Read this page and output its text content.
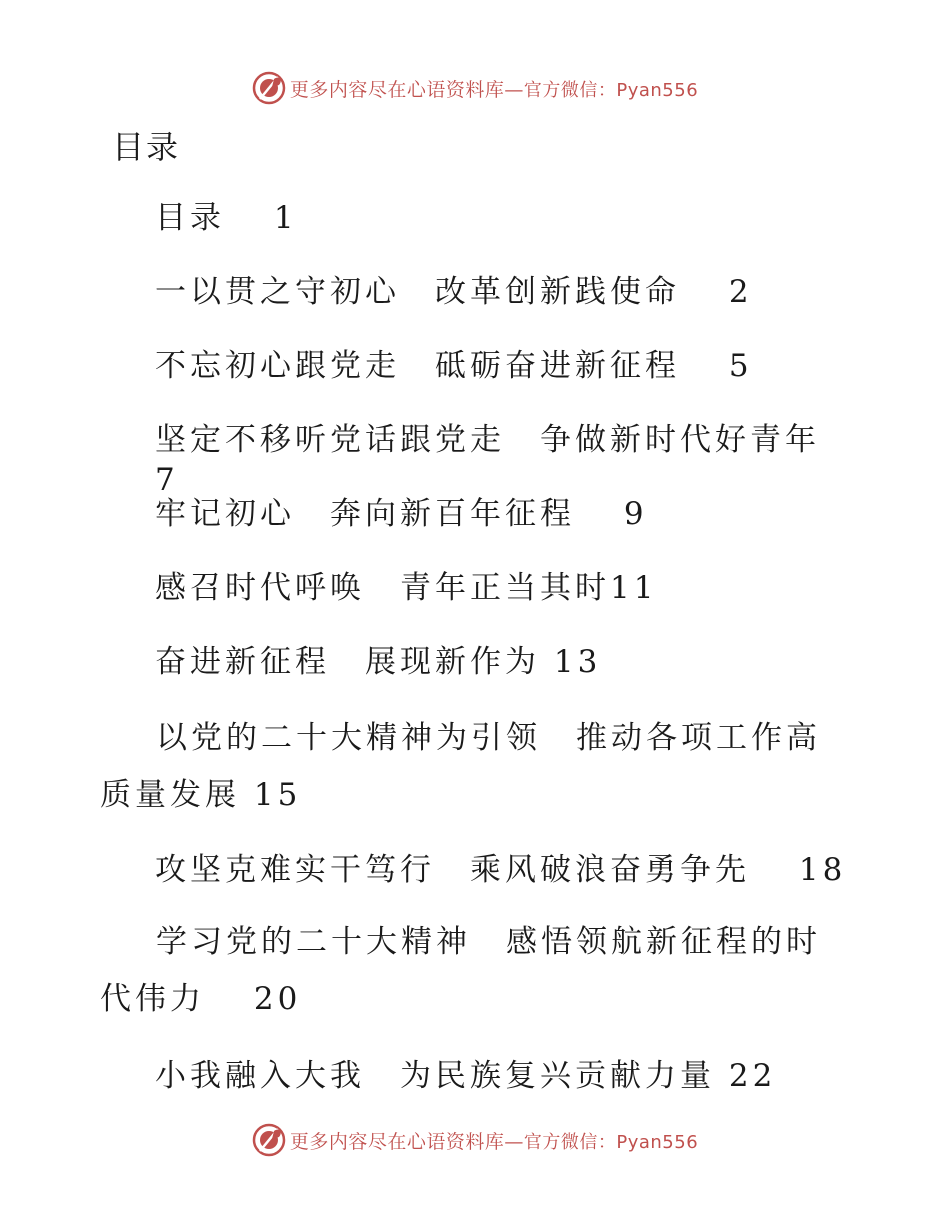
更多内容尽在心语资料库—官方微信：Pyan556
目录
目录　 1
一以贯之守初心　改革创新践使命　 2
不忘初心跟党走　砥砺奋进新征程　 5
坚定不移听党话跟党走　争做新时代好青年 7
牢记初心　奔向新百年征程　 9
感召时代呼唤　青年正当其时11
奋进新征程　展现新作为 13
以党的二十大精神为引领　推动各项工作高质量发展 15
攻坚克难实干笃行　乘风破浪奋勇争先　 18
学习党的二十大精神　感悟领航新征程的时代伟力　 20
小我融入大我　为民族复兴贡献力量 22
更多内容尽在心语资料库—官方微信：Pyan556
